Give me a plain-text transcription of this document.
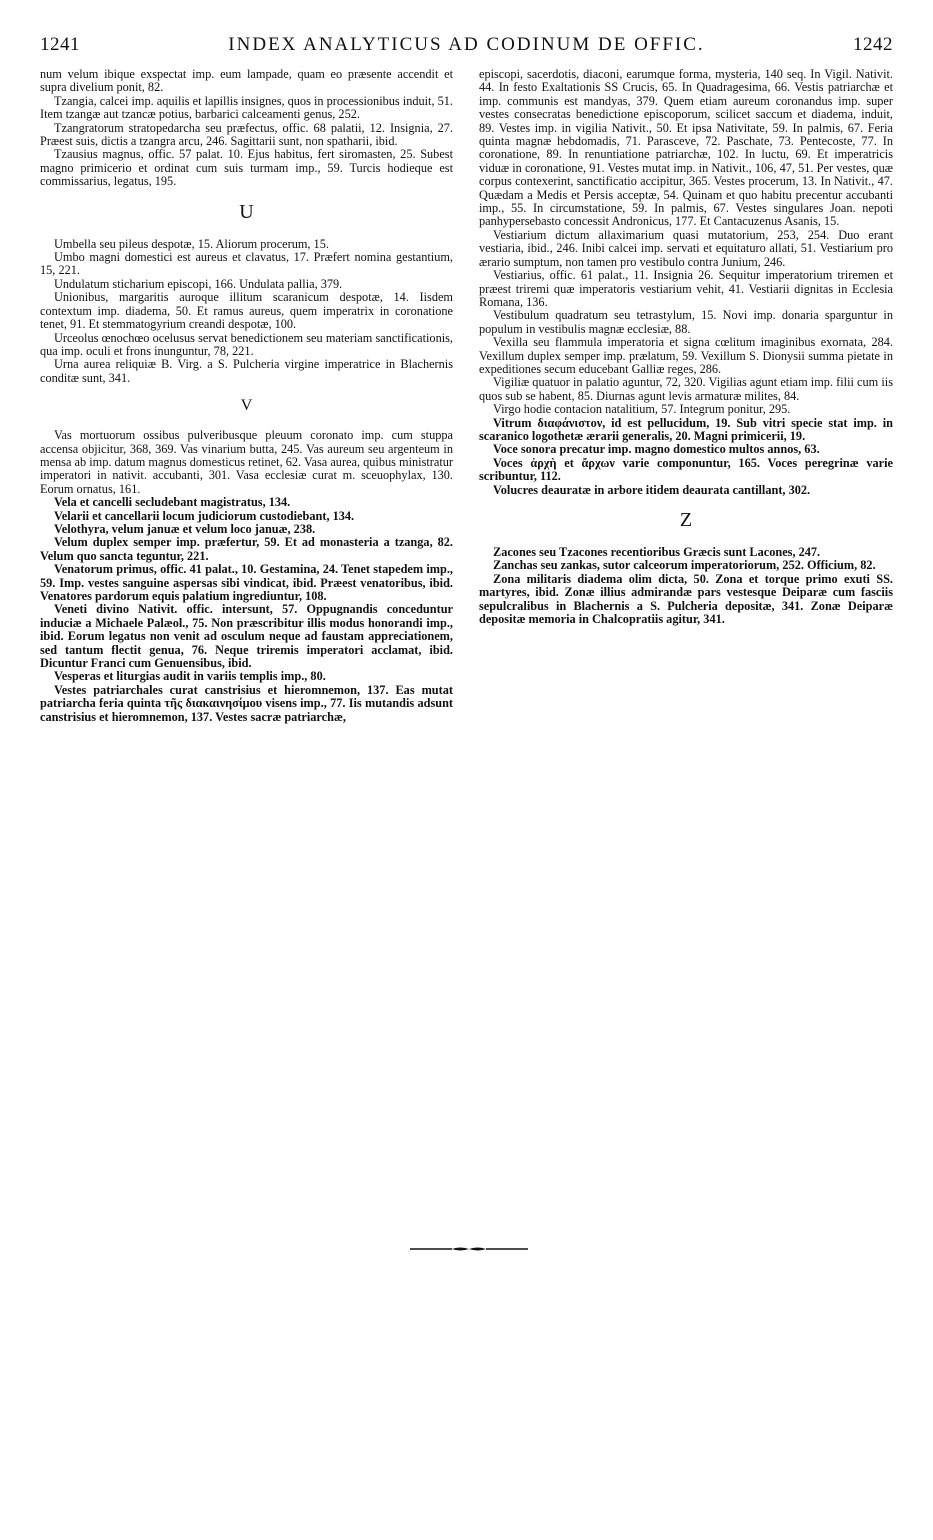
1241	INDEX ANALYTICUS AD CODINUM DE OFFIC.	1242

num velum ibique exspectat imp. eum lampade, quam eo præsente accendit et supra divelium ponit, 82.

Tzangia, calcei imp. aquilis et lapillis insignes, quos in processionibus induit, 51. Item tzangæ aut tzancæ potius, barbarici calceamenti genus, 252.

Tzangratorum stratopedarcha seu præfectus, offic. 68 palatii, 12. Insignia, 27. Præest suis, dictis a tzangra arcu, 246. Sagittarii sunt, non spatharii, ibid.

Tzausius magnus, offic. 57 palat. 10. Ejus habitus, fert siromasten, 25. Subest magno primicerio et ordinat cum suis turmam imp., 59. Turcis hodieque est commissarius, legatus, 195.

U

Umbella seu pileus despotæ, 15. Aliorum procerum, 15.

Umbo magni domestici est aureus et clavatus, 17. Præfert nomina gestantium, 15, 221.

Undulatum sticharium episcopi, 166. Undulata pallia, 379.

Unionibus, margaritis auroque illitum scaranicum despotæ, 14. Iisdem contextum imp. diadema, 50. Et ramus aureus, quem imperatrix in coronatione tenet, 91. Et stemmatogyrium creandi despotæ, 100.

Urceolus œnochœo ocelusus servat benedictionem seu materiam sanctificationis, qua imp. oculi et frons inunguntur, 78, 221.

Urna aurea reliquiæ B. Virg. a S. Pulcheria virgine imperatrice in Blachernis conditæ sunt, 341.

V

Vas mortuorum ossibus pulveribusque pleuum coronato imp. cum stuppa accensa objicitur, 368, 369. Vas vinarium butta, 245. Vas aureum seu argenteum in mensa ab imp. datum magnus domesticus retinet, 62. Vasa aurea, quibus ministratur imperatori in nativit. accubanti, 301. Vasa ecclesiæ curat m. sceuophylax, 130. Eorum ornatus, 161.

Vela et cancelli secludebant magistratus, 134.

Velarii et cancellarii locum judiciorum custodiebant, 134.

Velothyra, velum januæ et velum loco januæ, 238.

Velum duplex semper imp. præfertur, 59. Et ad monasteria a tzanga, 82. Velum quo sancta teguntur, 221.

Venatorum primus, offic. 41 palat., 10. Gestamina, 24. Tenet stapedem imp., 59. Imp. vestes sanguine aspersas sibi vindicat, ibid. Præest venatoribus, ibid. Venatores pardorum equis palatium ingrediuntur, 108.

Veneti divino Nativit. offic. intersunt, 57. Oppugnandis conceduntur induciæ a Michaele Palæol., 75. Non præscribitur illis modus honorandi imp., ibid. Eorum legatus non venit ad osculum neque ad faustam appreciationem, sed tantum flectit genua, 76. Neque triremis imperatori acclamat, ibid. Dicuntur Franci cum Genuensibus, ibid.

Vesperas et liturgias audit in variis templis imp., 80.

Vestes patriarchales curat canstrisius et hieromnemon, 137. Eas mutat patriarcha feria quinta τῆς διακαινησίμου visens imp., 77. Iis mutandis adsunt canstrisius et hieromnemon, 137. Vestes sacræ patriarchæ,

episcopi, sacerdotis, diaconi, earumque forma, mysteria, 140 seq. In Vigil. Nativit. 44. In festo Exaltationis SS Crucis, 65. In Quadragesima, 66. Vestis patriarchæ et imp. communis est mandyas, 379. Quem etiam aureum coronandus imp. super vestes consecratas benedictione episcoporum, scilicet saccum et diadema, induit, 89. Vestes imp. in vigilia Nativit., 50. Et ipsa Nativitate, 59. In palmis, 67. Feria quinta magnæ hebdomadis, 71. Parasceve, 72. Paschate, 73. Pentecoste, 77. In coronatione, 89. In renuntiatione patriarchæ, 102. In luctu, 69. Et imperatricis viduæ in coronatione, 91. Vestes mutat imp. in Nativit., 106, 47, 51. Per vestes, quæ corpus contexerint, sanctificatio accipitur, 365. Vestes procerum, 13. In Nativit., 47. Quædam a Medis et Persis acceptæ, 54. Quinam et quo habitu precentur accubanti imp., 55. In circumstatione, 59. In palmis, 67. Vestes singulares Joan. nepoti panhypersebasto concessit Andronicus, 177. Et Cantacuzenus Asanis, 15.

Vestiarium dictum allaximarium quasi mutatorium, 253, 254. Duo erant vestiaria, ibid., 246. Inibi calcei imp. servati et equitaturo allati, 51. Vestiarium pro ærario sumptum, non tamen pro vestibulo contra Junium, 246.

Vestiarius, offic. 61 palat., 11. Insignia 26. Sequitur imperatorium triremen et præest triremi quæ imperatoris vestiarium vehit, 41. Vestiarii dignitas in Ecclesia Romana, 136.

Vestibulum quadratum seu tetrastylum, 15. Novi imp. donaria sparguntur in populum in vestibulis magnæ ecclesiæ, 88.

Vexilla seu flammula imperatoria et signa cœlitum imaginibus exornata, 284. Vexillum duplex semper imp. prælatum, 59. Vexillum S. Dionysii summa pietate in expeditiones secum educebant Galliæ reges, 286.

Vigiliæ quatuor in palatio aguntur, 72, 320. Vigilias agunt etiam imp. filii cum iis quos sub se habent, 85. Diurnas agunt levis armaturæ milites, 84.

Virgo hodie contacion natalitium, 57. Integrum ponitur, 295.

Vitrum διαφάνιστον, id est pellucidum, 19. Sub vitri specie stat imp. in scaranico logothetæ ærarii generalis, 20. Magni primicerii, 19.

Voce sonora precatur imp. magno domestico multos annos, 63.

Voces ἀρχὴ et ἄρχων varie componuntur, 165. Voces peregrinæ varie scribuntur, 112.

Volucres deauratæ in arbore itidem deaurata cantillant, 302.

Z

Zacones seu Tzacones recentioribus Græcis sunt Lacones, 247.

Zanchas seu zankas, sutor calceorum imperatoriorum, 252. Officium, 82.

Zona militaris diadema olim dicta, 50. Zona et torque primo exuti SS. martyres, ibid. Zonæ illius admirandæ pars vestesque Deiparæ cum fasciis sepulcralibus in Blachernis a S. Pulcheria depositæ, 341. Zonæ Deiparæ depositæ memoria in Chalcopratiis agitur, 341.
